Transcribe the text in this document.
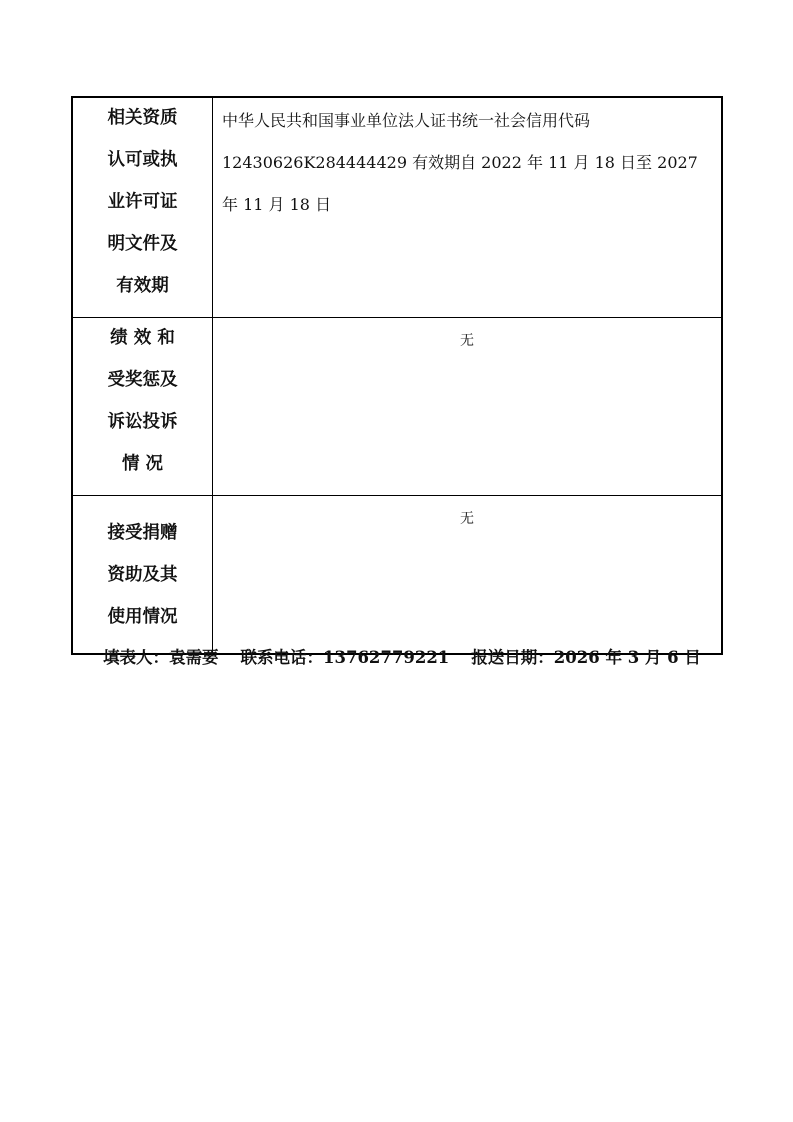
相关资质
认可或执
业许可证
明文件及
有效期	中华人民共和国事业单位法人证书统一社会信用代码12430626K284444429 有效期自 2022 年 11 月 18 日至 2027 年 11 月 18 日

绩 效 和
受奖惩及
诉讼投诉
情 况	无

接受捐赠
资助及其
使用情况	无
填表人：袁需要 联系电话：13762779221 报送日期：2026 年 3 月 6 日
